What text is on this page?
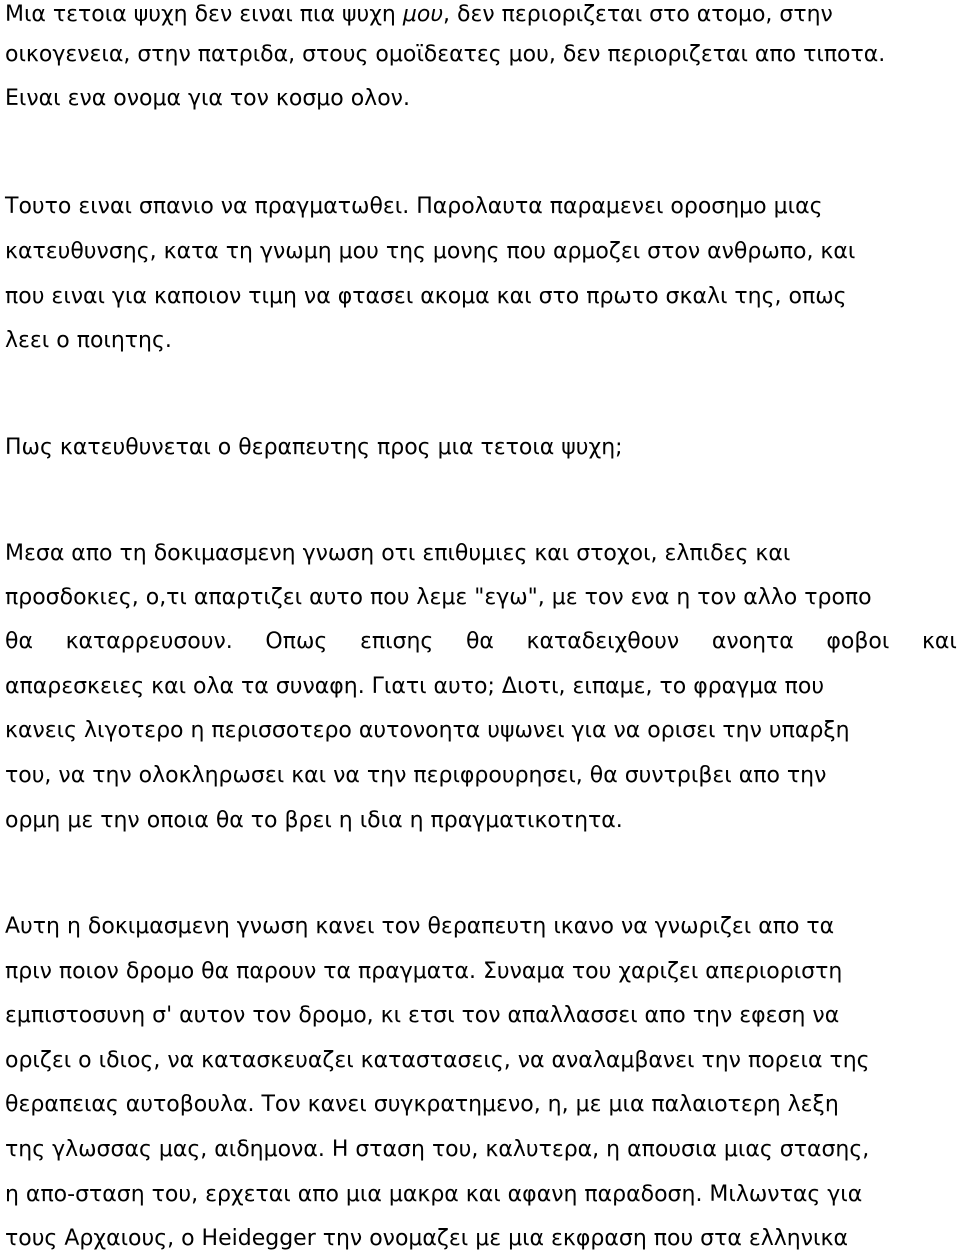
Μια τετοια ψυχη δεν ειναι πια ψυχη μου, δεν περιοριζεται στο ατομο, στην
οικογενεια, στην πατριδα, στους ομοϊδεατες μου, δεν περιοριζεται απο τιποτα.
Ειναι ενα ονομα για τον κοσμο ολον.
Τουτο ειναι σπανιο να πραγματωθει. Παρολαυτα παραμενει οροσημο μιας
κατευθυνσης, κατα τη γνωμη μου της μονης που αρμοζει στον ανθρωπο, και
που ειναι για καποιον τιμη να φτασει ακομα και στο πρωτο σκαλι της, οπως
λεει ο ποιητης.
Πως κατευθυνεται ο θεραπευτης προς μια τετοια ψυχη;
Μεσα απο τη δοκιμασμενη γνωση οτι επιθυμιες και στοχοι, ελπιδες και
προσδοκιες, ο,τι απαρτιζει αυτο που λεμε "εγω", με τον ενα η τον αλλο τροπο
θα καταρρευσουν. Οπως επισης θα καταδειχθουν ανοητα φοβοι και
απαρεσκειες και ολα τα συναφη. Γιατι αυτο; Διοτι, ειπαμε, το φραγμα που
κανεις λιγοτερο η περισσοτερο αυτονοητα υψωνει για να ορισει την υπαρξη
του, να την ολοκληρωσει και να την περιφρουρησει, θα συντριβει απο την
ορμη με την οποια θα το βρει η ιδια η πραγματικοτητα.
Αυτη η δοκιμασμενη γνωση κανει τον θεραπευτη ικανο να γνωριζει απο τα
πριν ποιον δρομο θα παρουν τα πραγματα. Συναμα του χαριζει απεριοριστη
εμπιστοσυνη σ' αυτον τον δρομο, κι ετσι τον απαλλασσει απο την εφεση να
οριζει ο ιδιος, να κατασκευαζει καταστασεις, να αναλαμβανει την πορεια της
θεραπειας αυτοβουλα. Τον κανει συγκρατημενο, η, με μια παλαιοτερη λεξη
της γλωσσας μας, αιδημονα. Η σταση του, καλυτερα, η απουσια μιας στασης,
η απο-σταση του, ερχεται απο μια μακρα και αφανη παραδοση. Μιλωντας για
τους Αρχαιους, ο Heidegger την ονομαζει με μια εκφραση που στα ελληνικα
